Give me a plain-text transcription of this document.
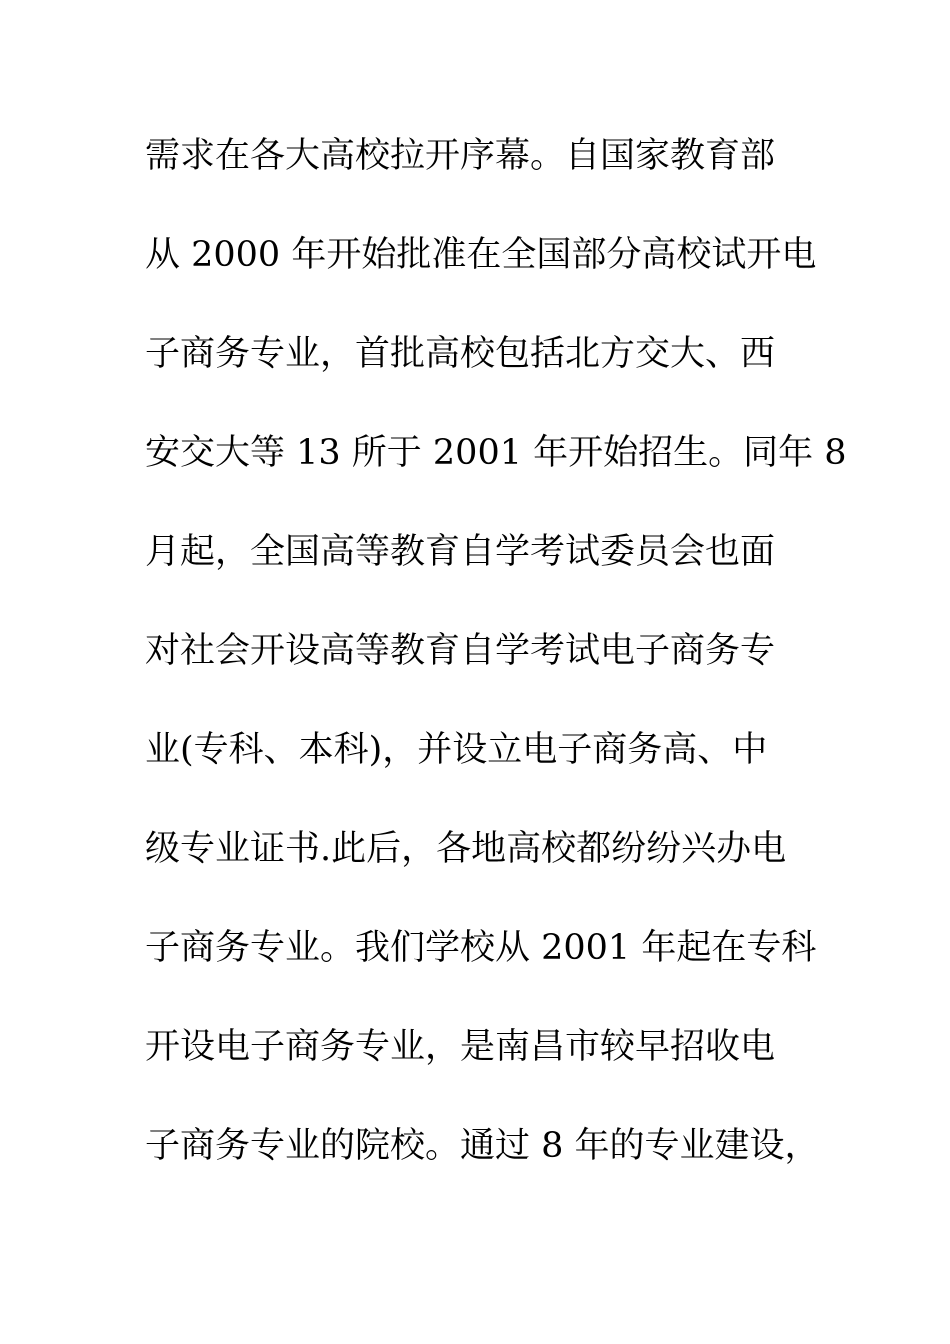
需求在各大高校拉开序幕。自国家教育部
从 2000 年开始批准在全国部分高校试开电
子商务专业，首批高校包括北方交大、西
安交大等 13 所于 2001 年开始招生。同年 8
月起，全国高等教育自学考试委员会也面
对社会开设高等教育自学考试电子商务专
业(专科、本科)，并设立电子商务高、中
级专业证书.此后，各地高校都纷纷兴办电
子商务专业。我们学校从 2001 年起在专科
开设电子商务专业，是南昌市较早招收电
子商务专业的院校。通过 8 年的专业建设，
